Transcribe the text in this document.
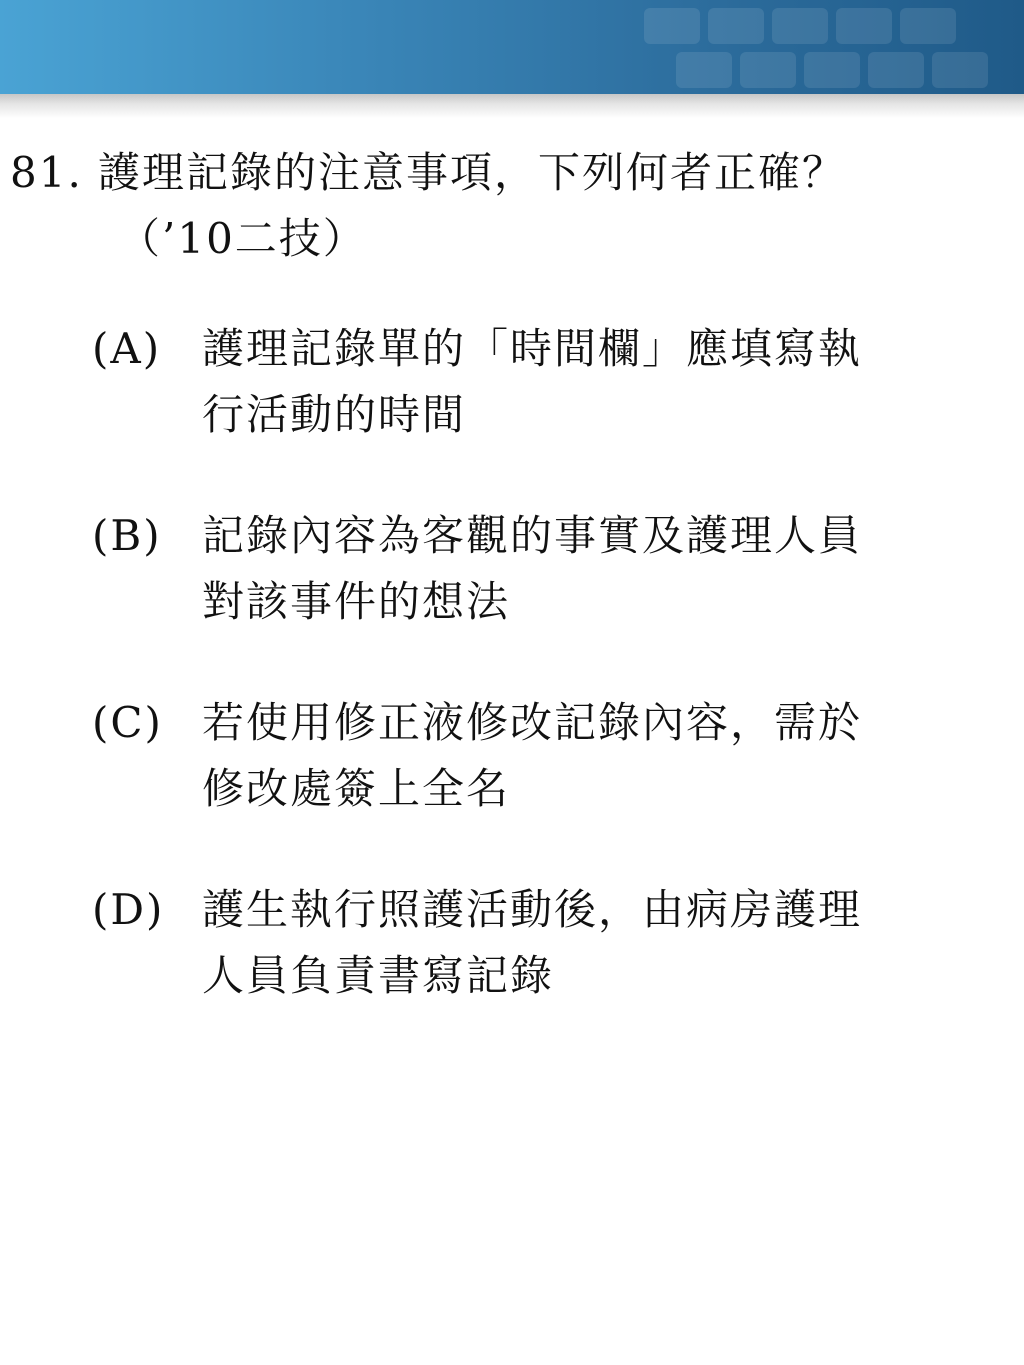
81. 護理記錄的注意事項，下列何者正確？
（’10二技）
(A) 護理記錄單的「時間欄」應填寫執
行活動的時間
(B) 記錄內容為客觀的事實及護理人員
對該事件的想法
(C) 若使用修正液修改記錄內容，需於
修改處簽上全名
(D) 護生執行照護活動後，由病房護理
人員負責書寫記錄
